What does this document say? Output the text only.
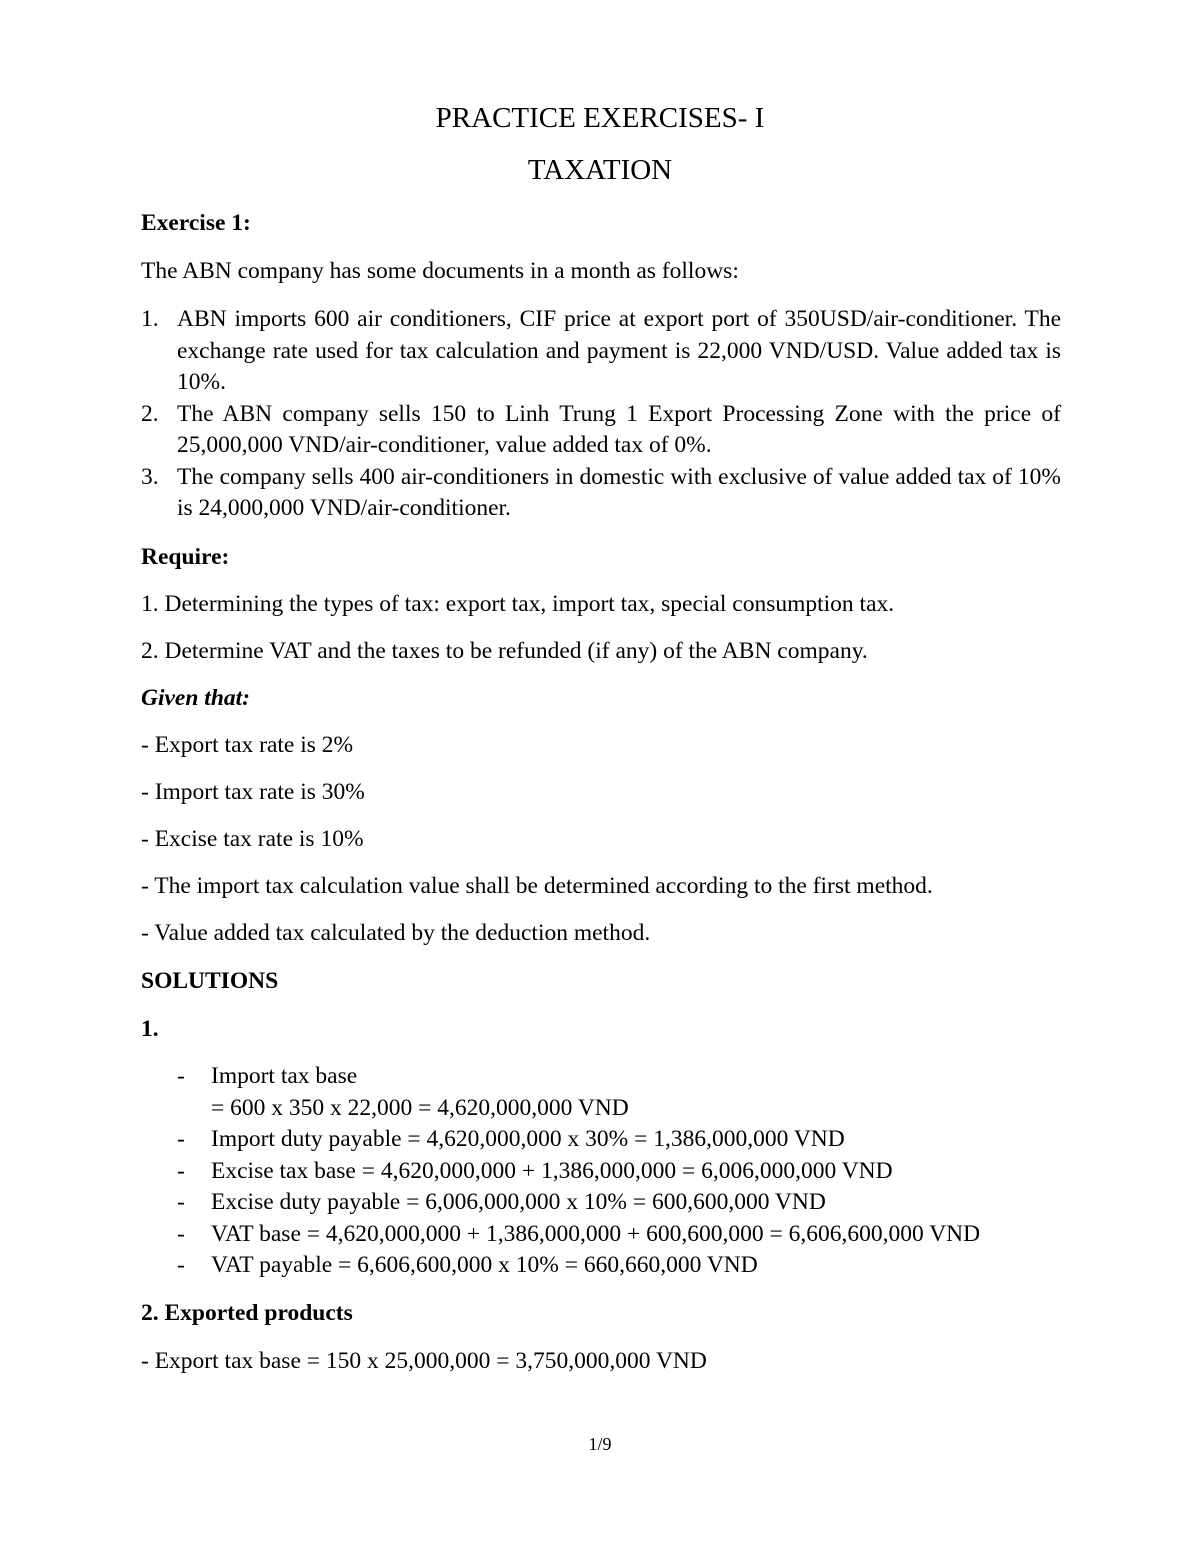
PRACTICE EXERCISES- I
TAXATION

Exercise 1:

The ABN company has some documents in a month as follows:

1. ABN imports 600 air conditioners, CIF price at export port of 350USD/air-conditioner. The exchange rate used for tax calculation and payment is 22,000 VND/USD. Value added tax is 10%.
2. The ABN company sells 150 to Linh Trung 1 Export Processing Zone with the price of 25,000,000 VND/air-conditioner, value added tax of 0%.
3. The company sells 400 air-conditioners in domestic with exclusive of value added tax of 10% is 24,000,000 VND/air-conditioner.

Require:

1. Determining the types of tax: export tax, import tax, special consumption tax.

2. Determine VAT and the taxes to be refunded (if any) of the ABN company.

Given that:

- Export tax rate is 2%

- Import tax rate is 30%

- Excise tax rate is 10%

- The import tax calculation value shall be determined according to the first method.

- Value added tax calculated by the deduction method.

SOLUTIONS

1.

- Import tax base
= 600 x 350 x 22,000 = 4,620,000,000 VND
- Import duty payable = 4,620,000,000 x 30% = 1,386,000,000 VND
- Excise tax base = 4,620,000,000 + 1,386,000,000 = 6,006,000,000 VND
- Excise duty payable = 6,006,000,000 x 10% = 600,600,000 VND
- VAT base = 4,620,000,000 + 1,386,000,000 + 600,600,000 = 6,606,600,000 VND
- VAT payable = 6,606,600,000 x 10% = 660,660,000 VND

2. Exported products

- Export tax base = 150 x 25,000,000 = 3,750,000,000 VND

1/9
